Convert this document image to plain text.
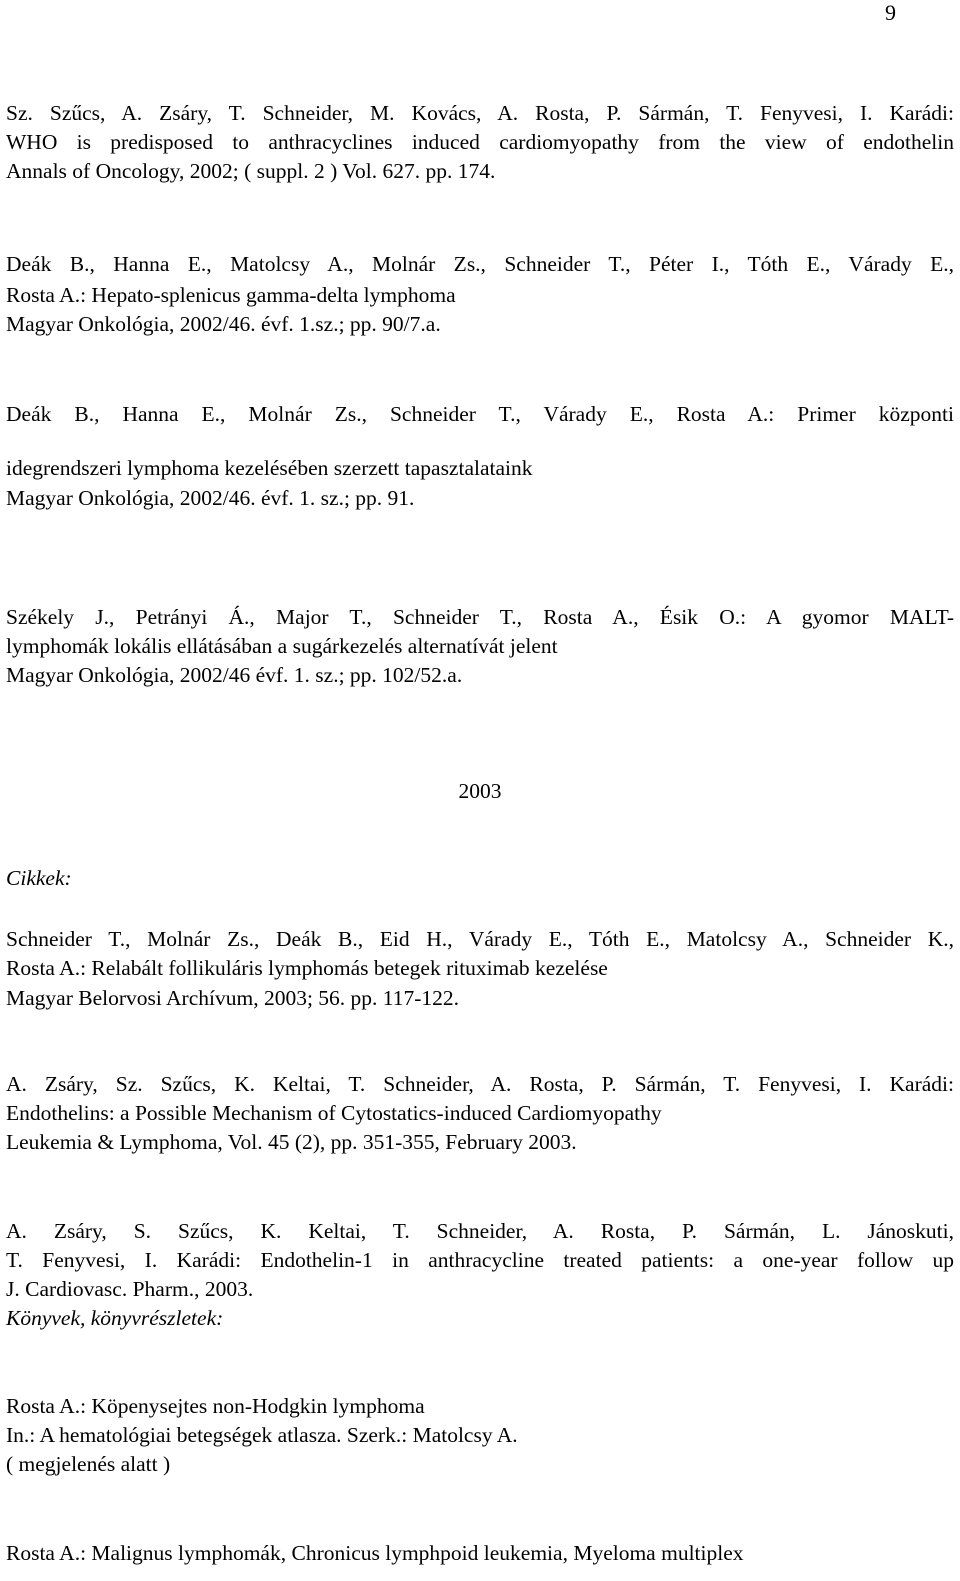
9
Sz. Szűcs, A. Zsáry, T. Schneider, M. Kovács, A. Rosta, P. Sármán, T. Fenyvesi, I. Karádi:
WHO is predisposed to anthracyclines induced cardiomyopathy from the view of endothelin
Annals of Oncology, 2002; ( suppl. 2 ) Vol. 627. pp. 174.
Deák B., Hanna E., Matolcsy A., Molnár Zs., Schneider T., Péter I., Tóth E., Várady E.,
Rosta A.: Hepato-splenicus gamma-delta lymphoma
Magyar Onkológia, 2002/46. évf. 1.sz.; pp. 90/7.a.
Deák B., Hanna E., Molnár Zs., Schneider T., Várady E., Rosta A.: Primer központi
idegrendszeri lymphoma kezelésében szerzett tapasztalataink
Magyar Onkológia, 2002/46. évf. 1. sz.; pp. 91.
Székely J., Petrányi Á., Major T., Schneider T., Rosta A., Ésik O.: A gyomor MALT-
lymphomák lokális ellátásában a sugárkezelés alternatívát jelent
Magyar Onkológia, 2002/46 évf. 1. sz.; pp. 102/52.a.
2003
Cikkek:
Schneider T., Molnár Zs., Deák B., Eid H., Várady E., Tóth E., Matolcsy A., Schneider K.,
Rosta A.: Relabált follikuláris lymphomás betegek rituximab kezelése
Magyar Belorvosi Archívum, 2003; 56. pp. 117-122.
A. Zsáry, Sz. Szűcs, K. Keltai, T. Schneider, A. Rosta, P. Sármán, T. Fenyvesi, I. Karádi:
Endothelins: a Possible Mechanism of Cytostatics-induced Cardiomyopathy
Leukemia & Lymphoma, Vol. 45 (2), pp. 351-355, February 2003.
A. Zsáry, S. Szűcs, K. Keltai, T. Schneider, A. Rosta, P. Sármán, L. Jánoskuti,
T. Fenyvesi, I. Karádi: Endothelin-1 in anthracycline treated patients: a one-year follow up
J. Cardiovasc. Pharm., 2003.
Könyvek, könyvrészletek:
Rosta A.: Köpenysejtes non-Hodgkin lymphoma
In.: A hematológiai betegségek atlasza. Szerk.: Matolcsy A.
( megjelenés alatt )
Rosta A.: Malignus lymphomák, Chronicus lymphpoid leukemia, Myeloma multiplex
